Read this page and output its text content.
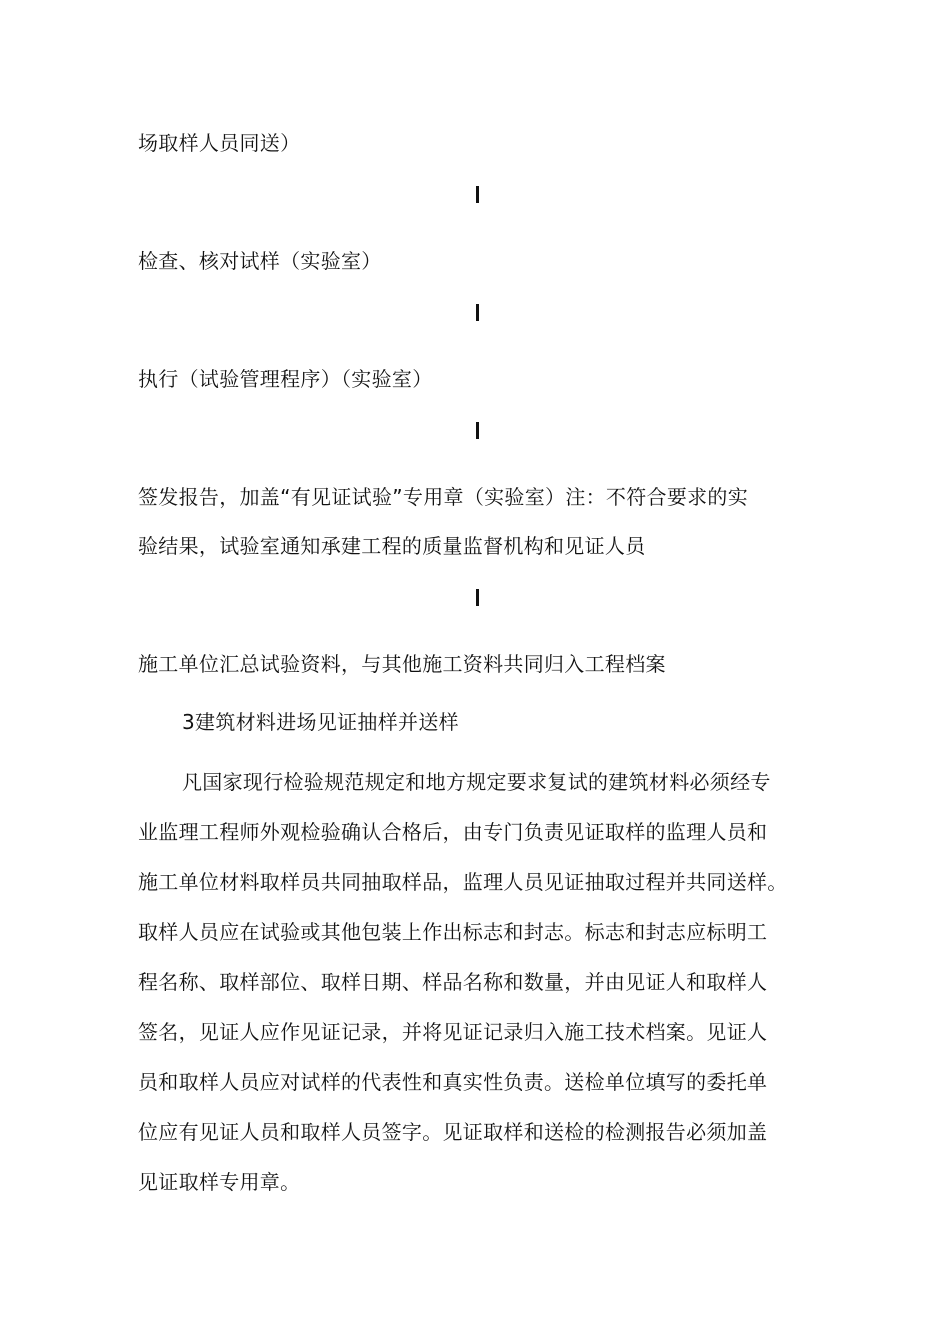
场取样人员同送）
检查、核对试样（实验室）
执行（试验管理程序）（实验室）
签发报告，加盖“有见证试验”专用章（实验室）注：不符合要求的实
验结果，试验室通知承建工程的质量监督机构和见证人员
施工单位汇总试验资料，与其他施工资料共同归入工程档案
3建筑材料进场见证抽样并送样
凡国家现行检验规范规定和地方规定要求复试的建筑材料必须经专
业监理工程师外观检验确认合格后，由专门负责见证取样的监理人员和
施工单位材料取样员共同抽取样品，监理人员见证抽取过程并共同送样。
取样人员应在试验或其他包装上作出标志和封志。标志和封志应标明工
程名称、取样部位、取样日期、样品名称和数量，并由见证人和取样人
签名，见证人应作见证记录，并将见证记录归入施工技术档案。见证人
员和取样人员应对试样的代表性和真实性负责。送检单位填写的委托单
位应有见证人员和取样人员签字。见证取样和送检的检测报告必须加盖
见证取样专用章。
